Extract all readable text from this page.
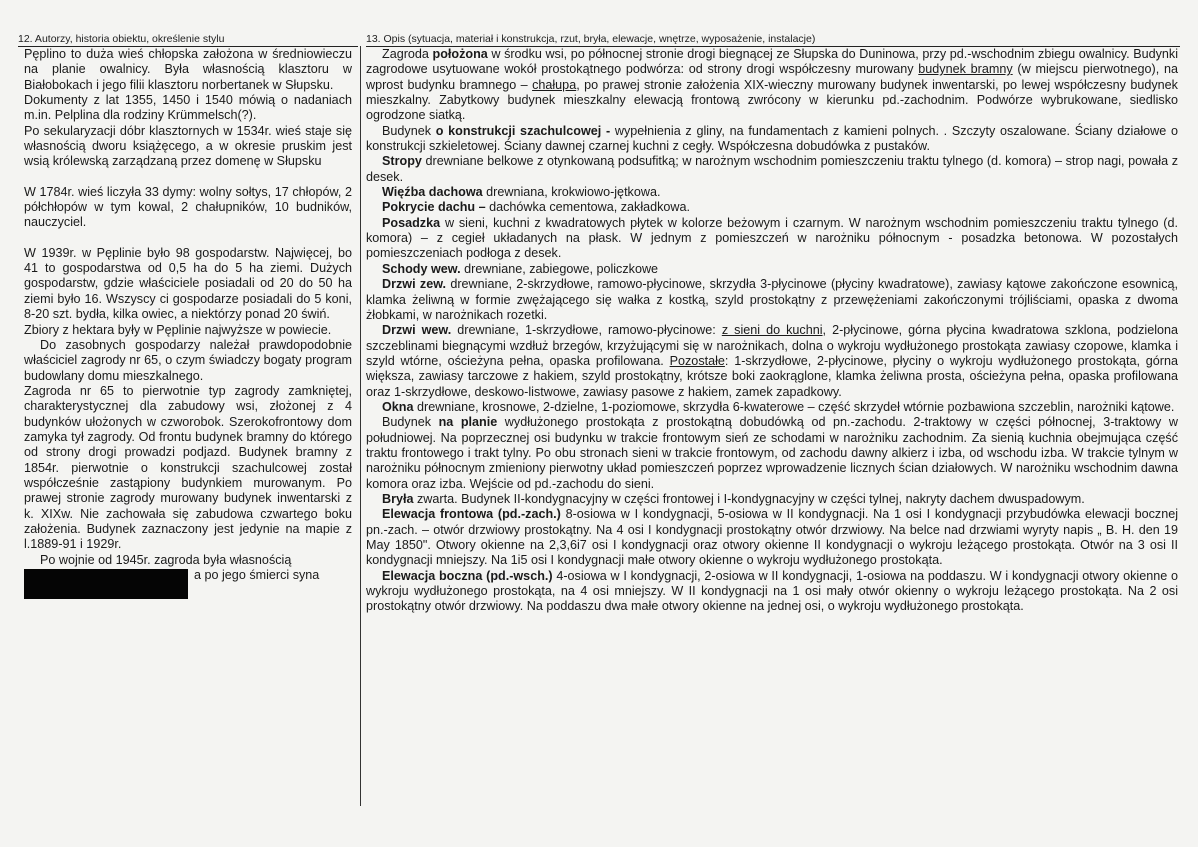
12. Autorzy, historia obiektu, określenie stylu	13. Opis (sytuacja, materiał i konstrukcja, rzut, bryła, elewacje, wnętrze, wyposażenie, instalacje)

Pęplino to duża wieś chłopska założona w średniowieczu na planie owalnicy. Była własnością klasztoru w Białobokach i jego filii klasztoru norbertanek w Słupsku.

Dokumenty z lat 1355, 1450 i 1540 mówią o nadaniach m.in. Pelplina dla rodziny Krümmelsch(?).

Po sekularyzacji dóbr klasztornych w 1534r. wieś staje się własnością dworu książęcego, a w okresie pruskim jest wsią królewską zarządzaną przez domenę w Słupsku

W 1784r. wieś liczyła 33 dymy: wolny sołtys, 17 chłopów, 2 półchłopów w tym kowal, 2 chałupników, 10 budników, nauczyciel.

W 1939r. w Pęplinie było 98 gospodarstw. Najwięcej, bo 41 to gospodarstwa od 0,5 ha do 5 ha ziemi. Dużych gospodarstw, gdzie właściciele posiadali od 20 do 50 ha ziemi było 16. Wszyscy ci gospodarze posiadali do 5 koni, 8-20 szt. bydła, kilka owiec, a niektórzy ponad 20 świń.

Zbiory z hektara były w Pęplinie najwyższe w powiecie.

Do zasobnych gospodarzy należał prawdopodobnie właściciel zagrody nr 65, o czym świadczy bogaty program budowlany domu mieszkalnego.

Zagroda nr 65 to pierwotnie typ zagrody zamkniętej, charakterystycznej dla zabudowy wsi, złożonej z 4 budynków ułożonych w czworobok. Szerokofrontowy dom zamyka tył zagrody. Od frontu budynek bramny do którego od strony drogi prowadzi podjazd. Budynek bramny z 1854r. pierwotnie o konstrukcji szachulcowej został współcześnie zastąpiony budynkiem murowanym. Po prawej stronie zagrody murowany budynek inwentarski z k. XIXw. Nie zachowała się zabudowa czwartego boku założenia. Budynek zaznaczony jest jedynie na mapie z l.1889-91 i 1929r.

Po wojnie od 1945r. zagroda była własnością

a po jego śmierci syna

Zagroda położona w środku wsi, po północnej stronie drogi biegnącej ze Słupska do Duninowa, przy pd.-wschodnim zbiegu owalnicy. Budynki zagrodowe usytuowane wokół prostokątnego podwórza: od strony drogi współczesny murowany budynek bramny (w miejscu pierwotnego), na wprost budynku bramnego – chałupa, po prawej stronie założenia XIX-wieczny murowany budynek inwentarski, po lewej współczesny budynek mieszkalny. Zabytkowy budynek mieszkalny elewacją frontową zwrócony w kierunku pd.-zachodnim. Podwórze wybrukowane, siedlisko ogrodzone siatką.

Budynek o konstrukcji szachulcowej - wypełnienia z gliny, na fundamentach z kamieni polnych. . Szczyty oszalowane. Ściany działowe o konstrukcji szkieletowej. Ściany dawnej czarnej kuchni z cegły. Współczesna dobudówka z pustaków.

Stropy drewniane belkowe z otynkowaną podsufitką; w narożnym wschodnim pomieszczeniu traktu tylnego (d. komora) – strop nagi, powała z desek.

Więźba dachowa drewniana, krokwiowo-jętkowa.

Pokrycie dachu – dachówka cementowa, zakładkowa.

Posadzka w sieni, kuchni z kwadratowych płytek w kolorze beżowym i czarnym. W narożnym wschodnim pomieszczeniu traktu tylnego (d. komora) – z cegieł układanych na płask. W jednym z pomieszczeń w narożniku północnym - posadzka betonowa. W pozostałych pomieszczeniach podłoga z desek.

Schody wew. drewniane, zabiegowe, policzkowe

Drzwi zew. drewniane, 2-skrzydłowe, ramowo-płycinowe, skrzydła 3-płycinowe (płyciny kwadratowe), zawiasy kątowe zakończone esownicą, klamka żeliwną w formie zwężającego się wałka z kostką, szyld prostokątny z przewężeniami zakończonymi trójliściami, opaska z dwoma żłobkami, w narożnikach rozetki.

Drzwi wew. drewniane, 1-skrzydłowe, ramowo-płycinowe: z sieni do kuchni, 2-płycinowe, górna płycina kwadratowa szklona, podzielona szczeblinami biegnącymi wzdłuż brzegów, krzyżującymi się w narożnikach, dolna o wykroju wydłużonego prostokąta zawiasy czopowe, klamka i szyld wtórne, ościeżyna pełna, opaska profilowana. Pozostałe: 1-skrzydłowe, 2-płycinowe, płyciny o wykroju wydłużonego prostokąta, górna większa, zawiasy tarczowe z hakiem, szyld prostokątny, krótsze boki zaokrąglone, klamka żeliwna prosta, ościeżyna pełna, opaska profilowana oraz 1-skrzydłowe, deskowo-listwowe, zawiasy pasowe z hakiem, zamek zapadkowy.

Okna drewniane, krosnowe, 2-dzielne, 1-poziomowe, skrzydła 6-kwaterowe – część skrzydeł wtórnie pozbawiona szczeblin, narożniki kątowe.

Budynek na planie wydłużonego prostokąta z prostokątną dobudówką od pn.-zachodu. 2-traktowy w części północnej, 3-traktowy w południowej. Na poprzecznej osi budynku w trakcie frontowym sień ze schodami w narożniku zachodnim. Za sienią kuchnia obejmująca część traktu frontowego i trakt tylny. Po obu stronach sieni w trakcie frontowym, od zachodu dawny alkierz i izba, od wschodu izba. W trakcie tylnym w narożniku północnym zmieniony pierwotny układ pomieszczeń poprzez wprowadzenie licznych ścian działowych. W narożniku wschodnim dawna komora oraz izba. Wejście od pd.-zachodu do sieni.

Bryła zwarta. Budynek II-kondygnacyjny w części frontowej i I-kondygnacyjny w części tylnej, nakryty dachem dwuspadowym.

Elewacja frontowa (pd.-zach.) 8-osiowa w I kondygnacji, 5-osiowa w II kondygnacji. Na 1 osi I kondygnacji przybudówka elewacji bocznej pn.-zach. – otwór drzwiowy prostokątny. Na 4 osi I kondygnacji prostokątny otwór drzwiowy. Na belce nad drzwiami wyryty napis „ B. H. den 19 May 1850". Otwory okienne na 2,3,6i7 osi I kondygnacji oraz otwory okienne II kondygnacji o wykroju leżącego prostokąta. Otwór na 3 osi II kondygnacji mniejszy. Na 1i5 osi I kondygnacji małe otwory okienne o wykroju wydłużonego prostokąta.

Elewacja boczna (pd.-wsch.) 4-osiowa w I kondygnacji, 2-osiowa w II kondygnacji, 1-osiowa na poddaszu. W i kondygnacji otwory okienne o wykroju wydłużonego prostokąta, na 4 osi mniejszy. W II kondygnacji na 1 osi mały otwór okienny o wykroju leżącego prostokąta. Na 2 osi prostokątny otwór drzwiowy. Na poddaszu dwa małe otwory okienne na jednej osi, o wykroju wydłużonego prostokąta.
